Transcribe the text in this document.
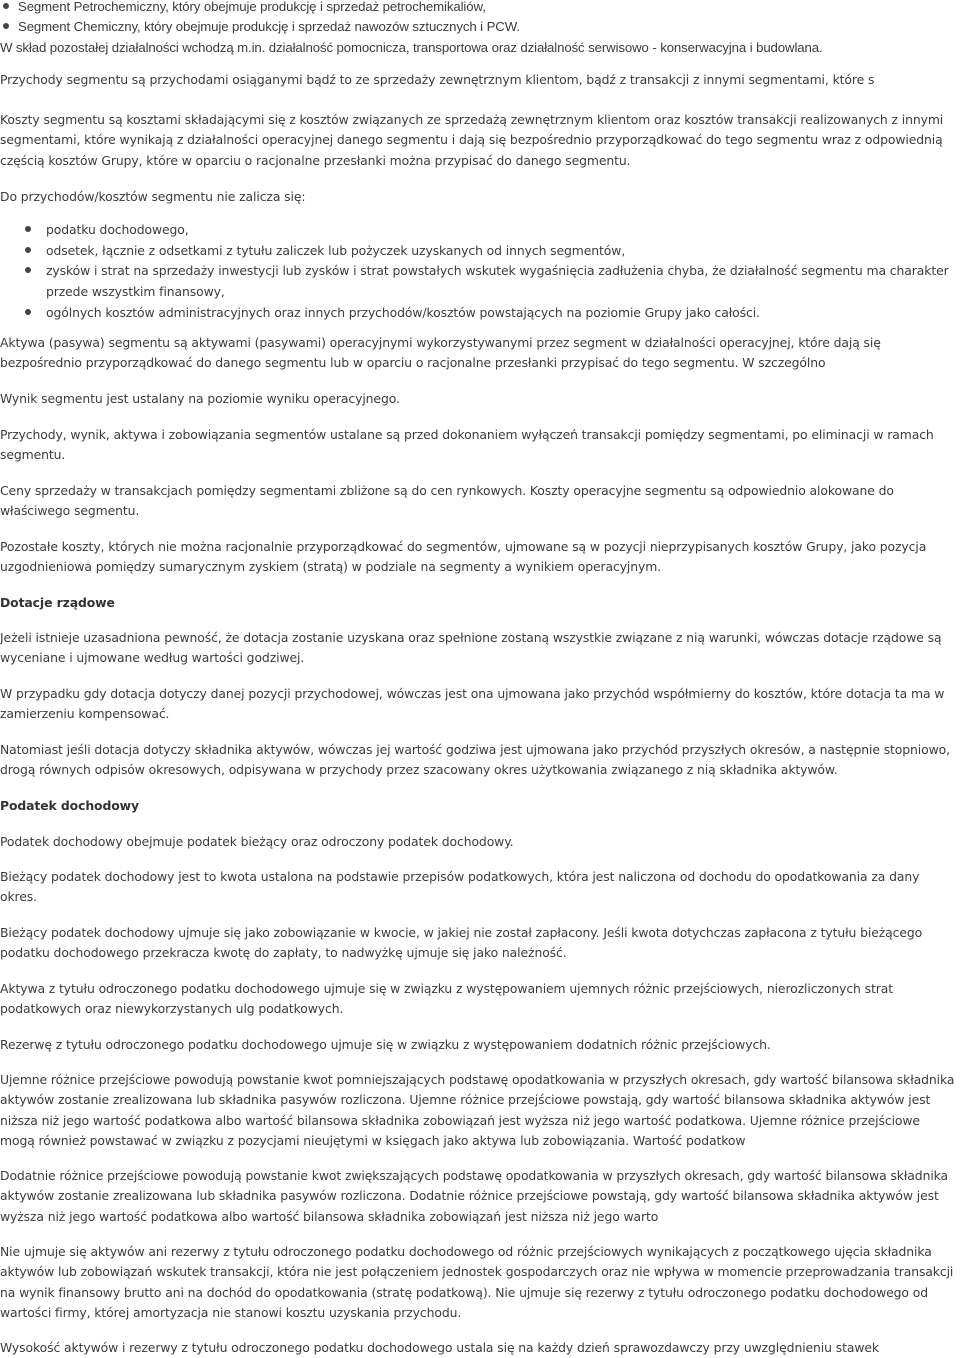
Segment Petrochemiczny, który obejmuje produkcję i sprzedaż petrochemikaliów,
Segment Chemiczny, który obejmuje produkcję i sprzedaż nawozów sztucznych i PCW.

W skład pozostałej działalności wchodzą m.in. działalność pomocnicza, transportowa oraz działalność serwisowo - konserwacyjna i budowlana.

Przychody segmentu są przychodami osiąganymi bądź to ze sprzedaży zewnętrznym klientom, bądź z transakcji z innymi segmentami, które s

Koszty segmentu są kosztami składającymi się z kosztów związanych ze sprzedażą zewnętrznym klientom oraz kosztów transakcji realizowanych z innymi segmentami, które wynikają z działalności operacyjnej danego segmentu i dają się bezpośrednio przyporządkować do tego segmentu wraz z odpowiednią częścią kosztów Grupy, które w oparciu o racjonalne przesłanki można przypisać do danego segmentu.

Do przychodów/kosztów segmentu nie zalicza się:

podatku dochodowego,
odsetek, łącznie z odsetkami z tytułu zaliczek lub pożyczek uzyskanych od innych segmentów,
zysków i strat na sprzedaży inwestycji lub zysków i strat powstałych wskutek wygaśnięcia zadłużenia chyba, że działalność segmentu ma charakter przede wszystkim finansowy,
ogólnych kosztów administracyjnych oraz innych przychodów/kosztów powstających na poziomie Grupy jako całości.

Aktywa (pasywa) segmentu są aktywami (pasywami) operacyjnymi wykorzystywanymi przez segment w działalności operacyjnej, które dają się bezpośrednio przyporządkować do danego segmentu lub w oparciu o racjonalne przesłanki przypisać do tego segmentu. W szczególno

Wynik segmentu jest ustalany na poziomie wyniku operacyjnego.

Przychody, wynik, aktywa i zobowiązania segmentów ustalane są przed dokonaniem wyłączeń transakcji pomiędzy segmentami, po eliminacji w ramach segmentu.

Ceny sprzedaży w transakcjach pomiędzy segmentami zbliżone są do cen rynkowych. Koszty operacyjne segmentu są odpowiednio alokowane do właściwego segmentu.

Pozostałe koszty, których nie można racjonalnie przyporządkować do segmentów, ujmowane są w pozycji nieprzypisanych kosztów Grupy, jako pozycja uzgodnieniowa pomiędzy sumarycznym zyskiem (stratą) w podziale na segmenty a wynikiem operacyjnym.

Dotacje rządowe

Jeżeli istnieje uzasadniona pewność, że dotacja zostanie uzyskana oraz spełnione zostaną wszystkie związane z nią warunki, wówczas dotacje rządowe są wyceniane i ujmowane według wartości godziwej.

W przypadku gdy dotacja dotyczy danej pozycji przychodowej, wówczas jest ona ujmowana jako przychód współmierny do kosztów, które dotacja ta ma w zamierzeniu kompensować.

Natomiast jeśli dotacja dotyczy składnika aktywów, wówczas jej wartość godziwa jest ujmowana jako przychód przyszłych okresów, a następnie stopniowo, drogą równych odpisów okresowych, odpisywana w przychody przez szacowany okres użytkowania związanego z nią składnika aktywów.

Podatek dochodowy

Podatek dochodowy obejmuje podatek bieżący oraz odroczony podatek dochodowy.

Bieżący podatek dochodowy jest to kwota ustalona na podstawie przepisów podatkowych, która jest naliczona od dochodu do opodatkowania za dany okres.

Bieżący podatek dochodowy ujmuje się jako zobowiązanie w kwocie, w jakiej nie został zapłacony. Jeśli kwota dotychczas zapłacona z tytułu bieżącego podatku dochodowego przekracza kwotę do zapłaty, to nadwyżkę ujmuje się jako należność.

Aktywa z tytułu odroczonego podatku dochodowego ujmuje się w związku z występowaniem ujemnych różnic przejściowych, nierozliczonych strat podatkowych oraz niewykorzystanych ulg podatkowych.

Rezerwę z tytułu odroczonego podatku dochodowego ujmuje się w związku z występowaniem dodatnich różnic przejściowych.

Ujemne różnice przejściowe powodują powstanie kwot pomniejszających podstawę opodatkowania w przyszłych okresach, gdy wartość bilansowa składnika aktywów zostanie zrealizowana lub składnika pasywów rozliczona. Ujemne różnice przejściowe powstają, gdy wartość bilansowa składnika aktywów jest niższa niż jego wartość podatkowa albo wartość bilansowa składnika zobowiązań jest wyższa niż jego wartość podatkowa. Ujemne różnice przejściowe mogą również powstawać w związku z pozycjami nieujętymi w księgach jako aktywa lub zobowiązania. Wartość podatkow

Dodatnie różnice przejściowe powodują powstanie kwot zwiększających podstawę opodatkowania w przyszłych okresach, gdy wartość bilansowa składnika aktywów zostanie zrealizowana lub składnika pasywów rozliczona. Dodatnie różnice przejściowe powstają, gdy wartość bilansowa składnika aktywów jest wyższa niż jego wartość podatkowa albo wartość bilansowa składnika zobowiązań jest niższa niż jego warto

Nie ujmuje się aktywów ani rezerwy z tytułu odroczonego podatku dochodowego od różnic przejściowych wynikających z początkowego ujęcia składnika aktywów lub zobowiązań wskutek transakcji, która nie jest połączeniem jednostek gospodarczych oraz nie wpływa w momencie przeprowadzania transakcji na wynik finansowy brutto ani na dochód do opodatkowania (stratę podatkową). Nie ujmuje się rezerwy z tytułu odroczonego podatku dochodowego od wartości firmy, której amortyzacja nie stanowi kosztu uzyskania przychodu.

Wysokość aktywów i rezerwy z tytułu odroczonego podatku dochodowego ustala się na każdy dzień sprawozdawczy przy uwzględnieniu stawek
